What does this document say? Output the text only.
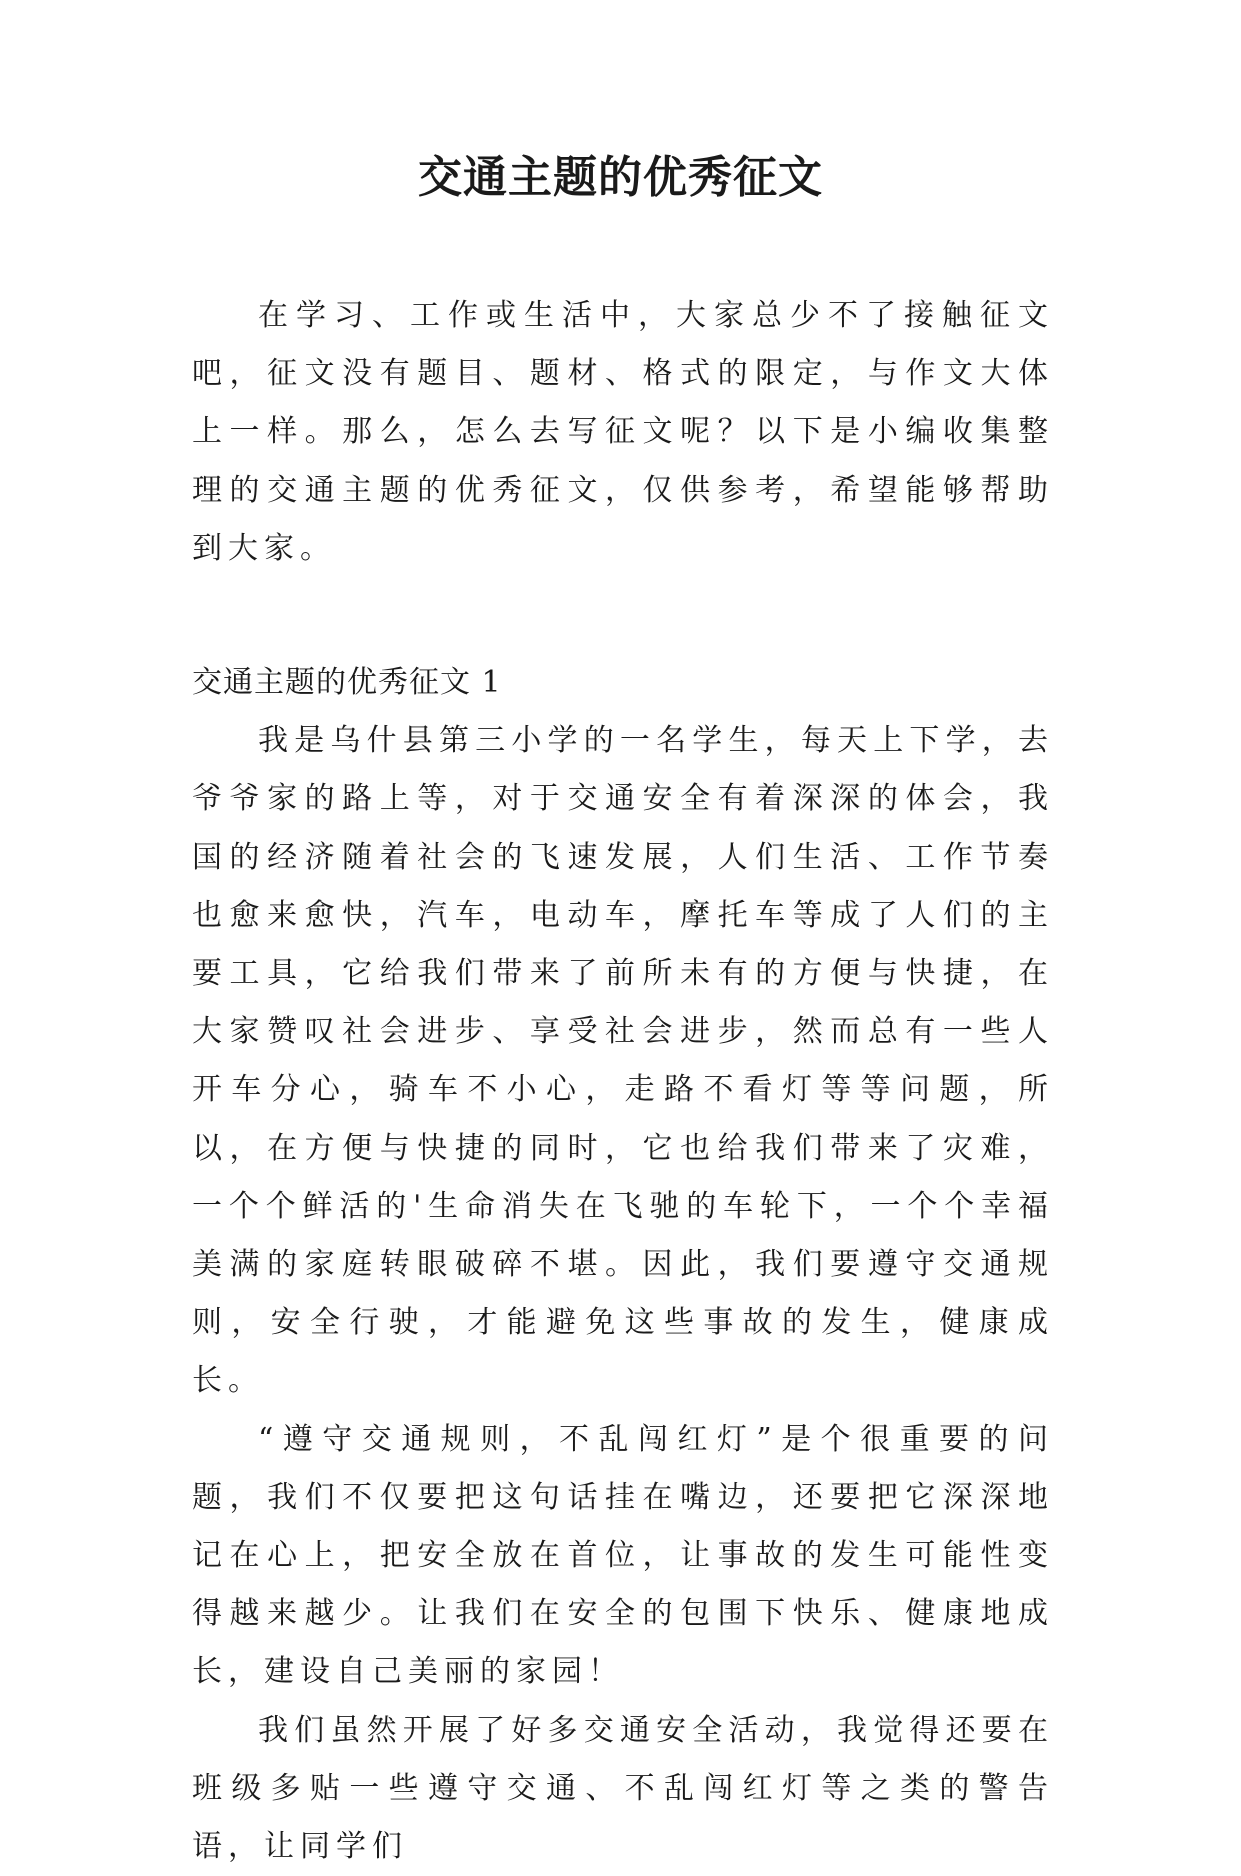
交通主题的优秀征文

在学习、工作或生活中，大家总少不了接触征文吧，征文没有题目、题材、格式的限定，与作文大体上一样。那么，怎么去写征文呢？以下是小编收集整理的交通主题的优秀征文，仅供参考，希望能够帮助到大家。

交通主题的优秀征文 1

我是乌什县第三小学的一名学生，每天上下学，去爷爷家的路上等，对于交通安全有着深深的体会，我国的经济随着社会的飞速发展，人们生活、工作节奏也愈来愈快，汽车，电动车，摩托车等成了人们的主要工具，它给我们带来了前所未有的方便与快捷，在大家赞叹社会进步、享受社会进步，然而总有一些人开车分心，骑车不小心，走路不看灯等等问题，所以，在方便与快捷的同时，它也给我们带来了灾难，一个个鲜活的'生命消失在飞驰的车轮下，一个个幸福美满的家庭转眼破碎不堪。因此，我们要遵守交通规则，安全行驶，才能避免这些事故的发生，健康成长。

“遵守交通规则，不乱闯红灯”是个很重要的问题，我们不仅要把这句话挂在嘴边，还要把它深深地记在心上，把安全放在首位，让事故的发生可能性变得越来越少。让我们在安全的包围下快乐、健康地成长，建设自己美丽的家园！

我们虽然开展了好多交通安全活动，我觉得还要在班级多贴一些遵守交通、不乱闯红灯等之类的警告语，让同学们
